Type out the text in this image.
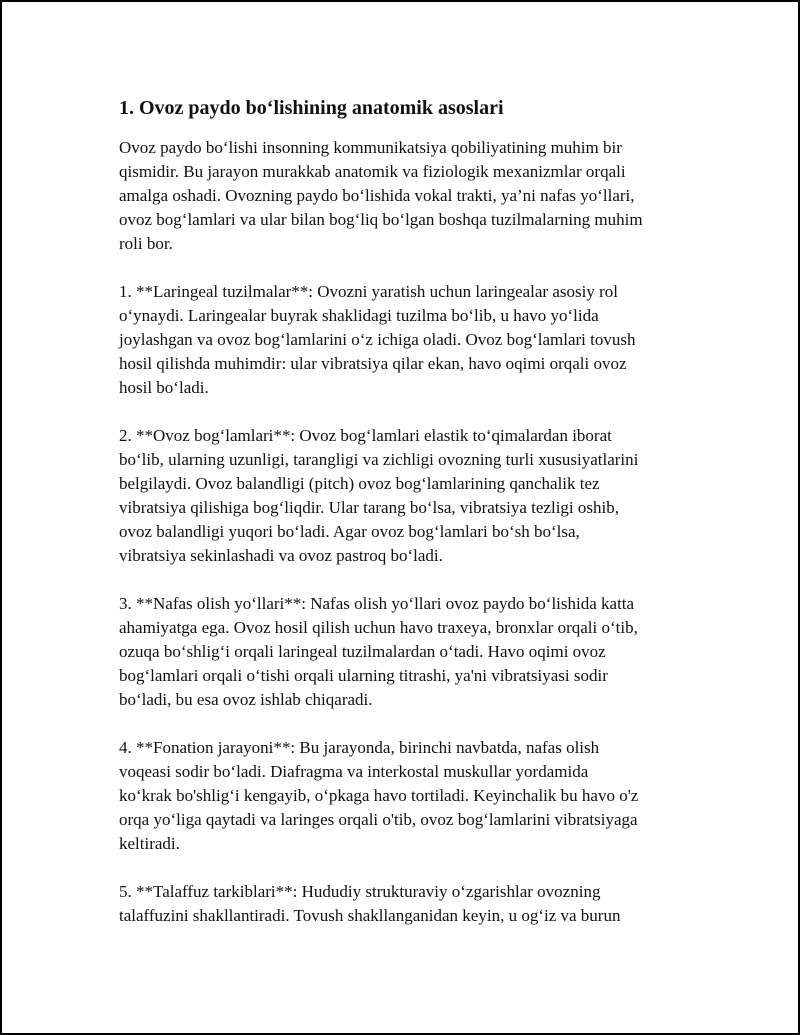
1. Ovoz paydo bo‘lishining anatomik asoslari

Ovoz paydo bo‘lishi insonning kommunikatsiya qobiliyatining muhim bir
qismidir. Bu jarayon murakkab anatomik va fiziologik mexanizmlar orqali
amalga oshadi. Ovozning paydo bo‘lishida vokal trakti, ya’ni nafas yo‘llari,
ovoz bog‘lamlari va ular bilan bog‘liq bo‘lgan boshqa tuzilmalarning muhim
roli bor.

1. **Laringeal tuzilmalar**: Ovozni yaratish uchun laringealar asosiy rol
o‘ynaydi. Laringealar buyrak shaklidagi tuzilma bo‘lib, u havo yo‘lida
joylashgan va ovoz bog‘lamlarini o‘z ichiga oladi. Ovoz bog‘lamlari tovush
hosil qilishda muhimdir: ular vibratsiya qilar ekan, havo oqimi orqali ovoz
hosil bo‘ladi.

2. **Ovoz bog‘lamlari**: Ovoz bog‘lamlari elastik to‘qimalardan iborat
bo‘lib, ularning uzunligi, tarangligi va zichligi ovozning turli xususiyatlarini
belgilaydi. Ovoz balandligi (pitch) ovoz bog‘lamlarining qanchalik tez
vibratsiya qilishiga bog‘liqdir. Ular tarang bo‘lsa, vibratsiya tezligi oshib,
ovoz balandligi yuqori bo‘ladi. Agar ovoz bog‘lamlari bo‘sh bo‘lsa,
vibratsiya sekinlashadi va ovoz pastroq bo‘ladi.

3. **Nafas olish yo‘llari**: Nafas olish yo‘llari ovoz paydo bo‘lishida katta
ahamiyatga ega. Ovoz hosil qilish uchun havo traxeya, bronxlar orqali o‘tib,
ozuqa bo‘shlig‘i orqali laringeal tuzilmalardan o‘tadi. Havo oqimi ovoz
bog‘lamlari orqali o‘tishi orqali ularning titrashi, ya'ni vibratsiyasi sodir
bo‘ladi, bu esa ovoz ishlab chiqaradi.

4. **Fonation jarayoni**: Bu jarayonda, birinchi navbatda, nafas olish
voqeasi sodir bo‘ladi. Diafragma va interkostal muskullar yordamida
ko‘krak bo'shlig‘i kengayib, o‘pkaga havo tortiladi. Keyinchalik bu havo o'z
orqa yo‘liga qaytadi va laringes orqali o'tib, ovoz bog‘lamlarini vibratsiyaga
keltiradi.

5. **Talaffuz tarkiblari**: Hududiy strukturaviy o‘zgarishlar ovozning
talaffuzini shakllantiradi. Tovush shakllanganidan keyin, u og‘iz va burun
